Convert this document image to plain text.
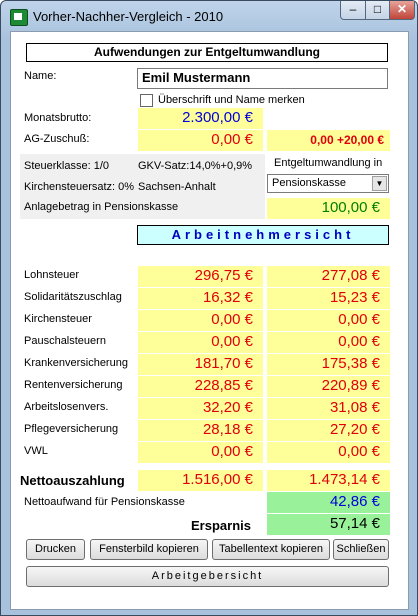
Vorher-Nachher-Vergleich - 2010	‒	□	✕
Aufwendungen zur Entgeltumwandlung
Name:	Emil Mustermann
Überschrift und Name merken
Monatsbrutto:	2.300,00 €
AG-Zuschuß:	0,00 €	0,00 +20,00 €
Steuerklasse: 1/0	GKV-Satz:14,0%+0,9%
Kirchensteuersatz: 0% Sachsen-Anhalt
Anlagebetrag in Pensionskasse
Entgeltumwandlung in
Pensionskasse	▼
100,00 €
Arbeitnehmersicht
Lohnsteuer	296,75 €	277,08 €
Solidaritätszuschlag	16,32 €	15,23 €
Kirchensteuer	0,00 €	0,00 €
Pauschalsteuern	0,00 €	0,00 €
Krankenversicherung	181,70 €	175,38 €
Rentenversicherung	228,85 €	220,89 €
Arbeitslosenvers.	32,20 €	31,08 €
Pflegeversicherung	28,18 €	27,20 €
VWL	0,00 €	0,00 €
Nettoauszahlung	1.516,00 €	1.473,14 €
Nettoaufwand für Pensionskasse	42,86 €
Ersparnis	57,14 €
Drucken	Fensterbild kopieren	Tabellentext kopieren	Schließen
Arbeitgebersicht
